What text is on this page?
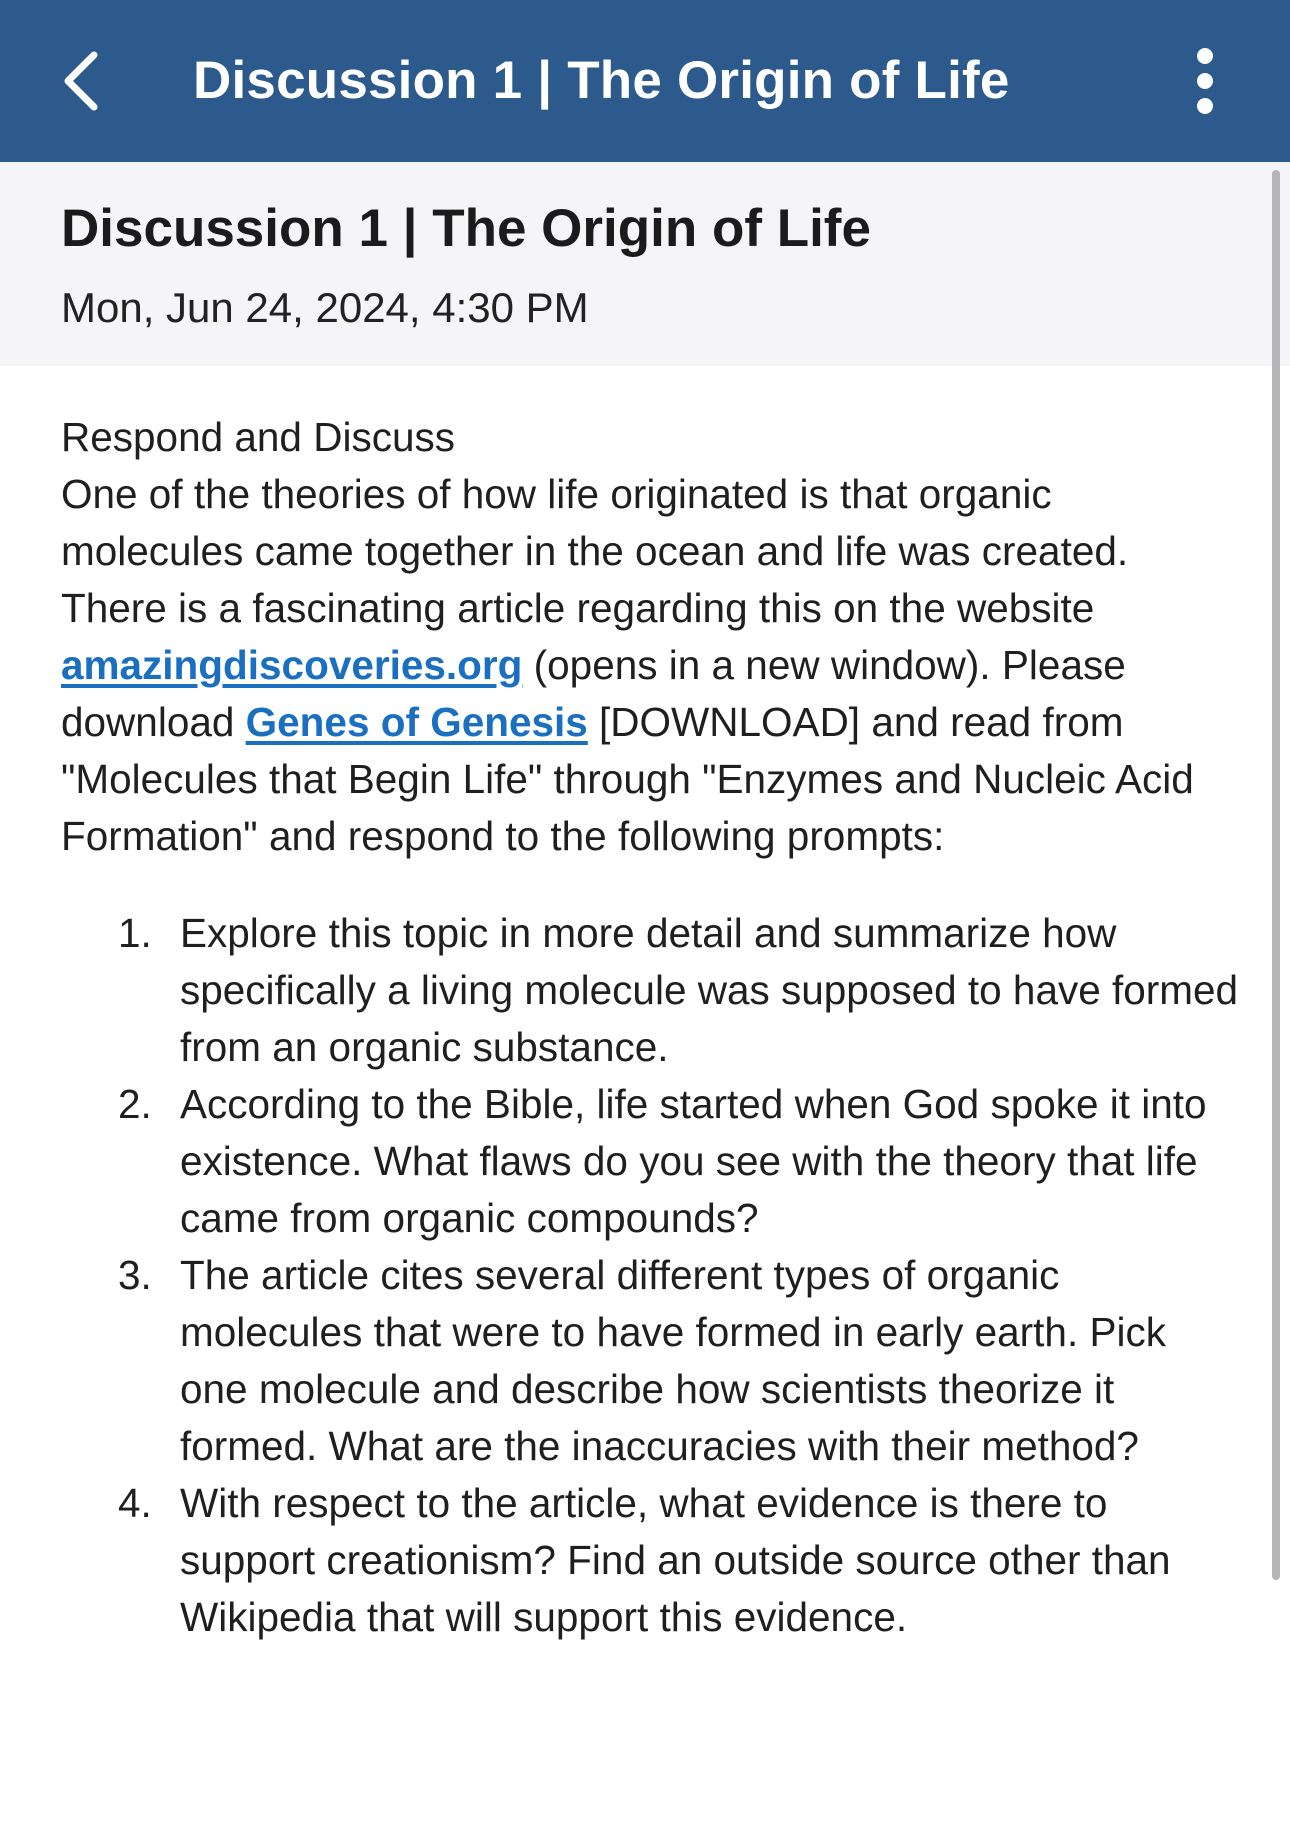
Discussion 1 | The Origin of Life
Discussion 1 | The Origin of Life
Mon, Jun 24, 2024, 4:30 PM

Respond and Discuss

One of the theories of how life originated is that organic molecules came together in the ocean and life was created. There is a fascinating article regarding this on the website amazingdiscoveries.org (opens in a new window). Please download Genes of Genesis [DOWNLOAD] and read from "Molecules that Begin Life" through "Enzymes and Nucleic Acid Formation" and respond to the following prompts:

Explore this topic in more detail and summarize how specifically a living molecule was supposed to have formed from an organic substance.
According to the Bible, life started when God spoke it into existence. What flaws do you see with the theory that life came from organic compounds?
The article cites several different types of organic molecules that were to have formed in early earth. Pick one molecule and describe how scientists theorize it formed. What are the inaccuracies with their method?
With respect to the article, what evidence is there to support creationism? Find an outside source other than Wikipedia that will support this evidence.
